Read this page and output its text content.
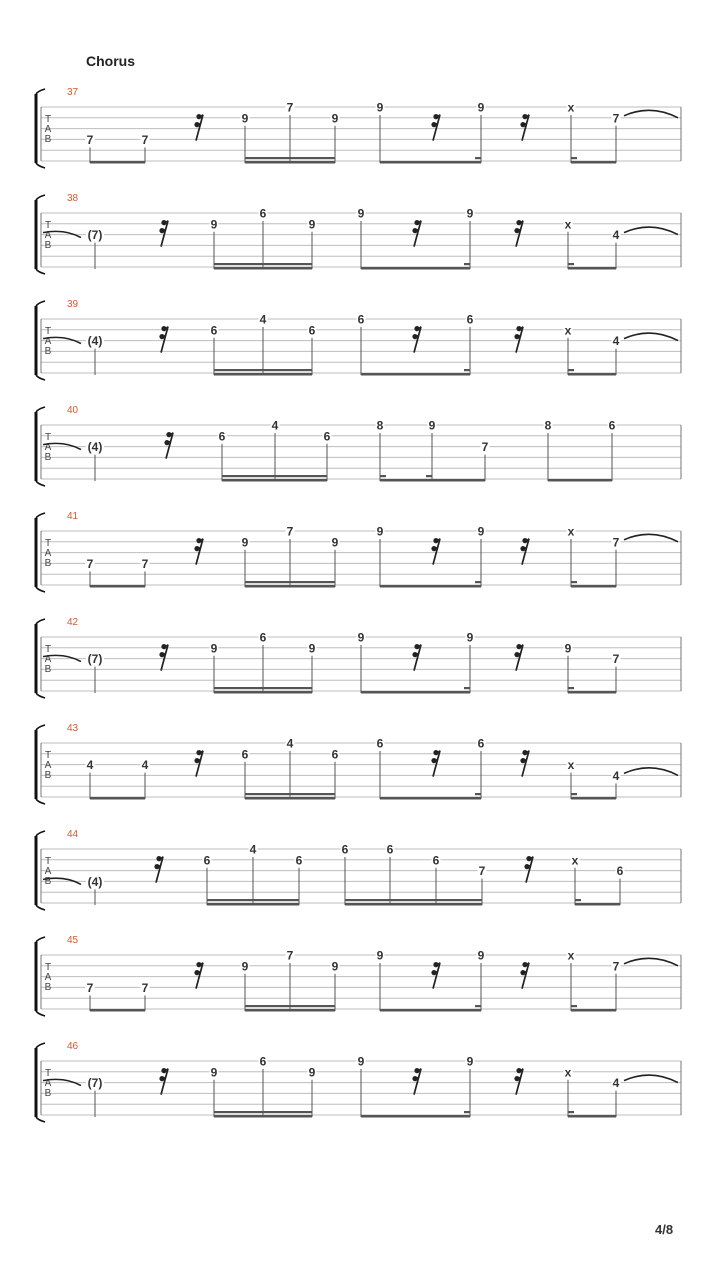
Chorus
T
A
B
37
7	7
9
7
9
9	9	x
7
T
A
B
38
(7)
9
6
9
9	9
x
4
T
A
B
39
(4)
6
4
6
6	6
x
4
T
A
B
40
(4)
6
4
6
8	9
7
8	6
T
A
B
41
7	7
9
7
9
9	9	x
7
T
A
B
42
(7)
9
6
9
9	9
9
7
T
A
B
43
4	4
6
4
6
6	6
x
4
T
A
B
44
(4)
6
4
6
6	6
6
7
x
6
T
A
B
45
7	7
9
7
9
9	9	x
7
T
A
B
46
(7)
9
6
9
9	9
x
4
4/8
